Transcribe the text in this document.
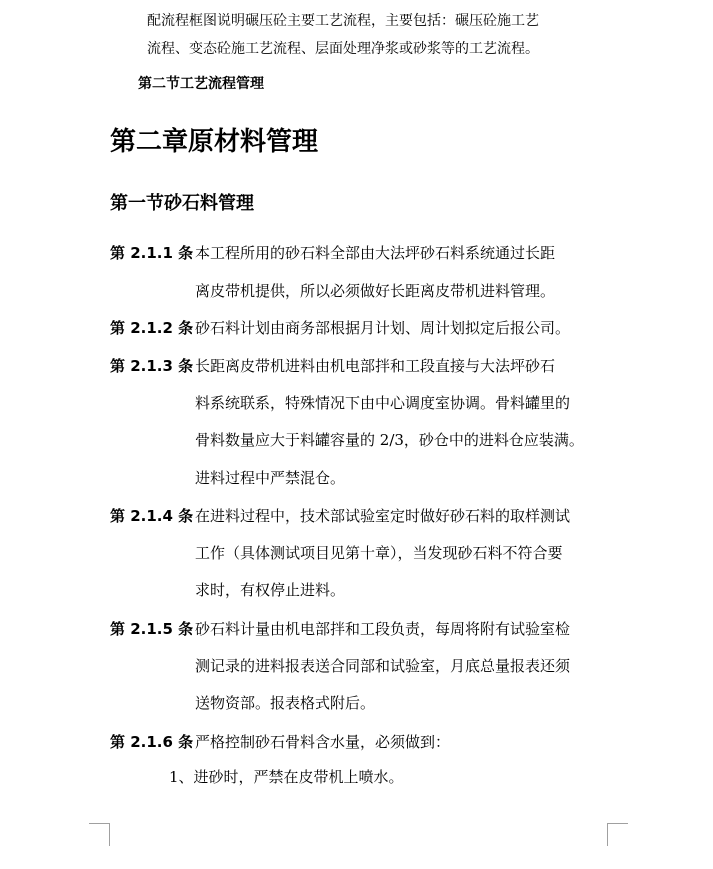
配流程框图说明碾压砼主要工艺流程，主要包括：碾压砼施工艺
流程、变态砼施工艺流程、层面处理净浆或砂浆等的工艺流程。
第二节工艺流程管理
第二章原材料管理
第一节砂石料管理
第 2.1.1 条 本工程所用的砂石料全部由大法坪砂石料系统通过长距
离皮带机提供，所以必须做好长距离皮带机进料管理。
第 2.1.2 条 砂石料计划由商务部根据月计划、周计划拟定后报公司。
第 2.1.3 条 长距离皮带机进料由机电部拌和工段直接与大法坪砂石
料系统联系，特殊情况下由中心调度室协调。骨料罐里的
骨料数量应大于料罐容量的 2/3，砂仓中的进料仓应装满。
进料过程中严禁混仓。
第 2.1.4 条 在进料过程中，技术部试验室定时做好砂石料的取样测试
工作（具体测试项目见第十章），当发现砂石料不符合要
求时，有权停止进料。
第 2.1.5 条 砂石料计量由机电部拌和工段负责，每周将附有试验室检
测记录的进料报表送合同部和试验室，月底总量报表还须
送物资部。报表格式附后。
第 2.1.6 条 严格控制砂石骨料含水量，必须做到：
1、进砂时，严禁在皮带机上喷水。
